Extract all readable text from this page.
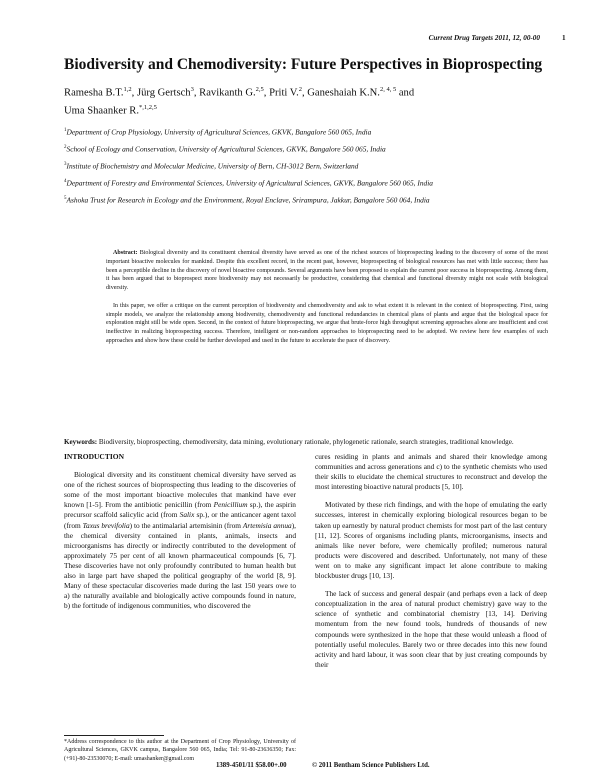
Current Drug Targets 2011, 12, 00-00	1
Biodiversity and Chemodiversity: Future Perspectives in Bioprospecting
Ramesha B.T.$^{1,2}$, Jürg Gertsch$^3$, Ravikanth G.$^{2,5}$, Priti V.$^2$, Ganeshaiah K.N.$^{2, 4, 5}$ and
Uma Shaanker R.$^{*,1,2,5}$

$^1$Department of Crop Physiology, University of Agricultural Sciences, GKVK, Bangalore 560 065, India

$^2$School of Ecology and Conservation, University of Agricultural Sciences, GKVK, Bangalore 560 065, India

$^3$Institute of Biochemistry and Molecular Medicine, University of Bern, CH-3012 Bern, Switzerland

$^4$Department of Forestry and Environmental Sciences, University of Agricultural Sciences, GKVK, Bangalore 560 065, India

$^5$Ashoka Trust for Research in Ecology and the Environment, Royal Enclave, Srirampura, Jakkur, Bangalore 560 064, India

Abstract: Biological diversity and its constituent chemical diversity have served as one of the richest sources of bioprospecting leading to the discovery of some of the most important bioactive molecules for mankind. Despite this excellent record, in the recent past, however, bioprospecting of biological resources has met with little success; there has been a perceptible decline in the discovery of novel bioactive compounds. Several arguments have been proposed to explain the current poor success in bioprospecting. Among them, it has been argued that to bioprospect more biodiversity may not necessarily be productive, considering that chemical and functional diversity might not scale with biological diversity.

In this paper, we offer a critique on the current perception of biodiversity and chemodiversity and ask to what extent it is relevant in the context of bioprospecting. First, using simple models, we analyze the relationship among biodiversity, chemodiversity and functional redundancies in chemical plans of plants and argue that the biological space for exploration might still be wide open. Second, in the context of future bioprospecting, we argue that brute-force high throughput screening approaches alone are insufficient and cost ineffective in realizing bioprospecting success. Therefore, intelligent or non-random approaches to bioprospecting need to be adopted. We review here few examples of such approaches and show how these could be further developed and used in the future to accelerate the pace of discovery.

Keywords: Biodiversity, bioprospecting, chemodiversity, data mining, evolutionary rationale, phylogenetic rationale, search strategies, traditional knowledge.
INTRODUCTION

Biological diversity and its constituent chemical diversity have served as one of the richest sources of bioprospecting thus leading to the discoveries of some of the most important bioactive molecules that mankind have ever known [1-5]. From the antibiotic penicillin (from Penicillium sp.), the aspirin precursor scaffold salicylic acid (from Salix sp.), or the anticancer agent taxol (from Taxus brevifolia) to the antimalarial artemisinin (from Artemisia annua), the chemical diversity contained in plants, animals, insects and microorganisms has directly or indirectly contributed to the development of approximately 75 per cent of all known pharmaceutical compounds [6, 7]. These discoveries have not only profoundly contributed to human health but also in large part have shaped the political geography of the world [8, 9]. Many of these spectacular discoveries made during the last 150 years owe to a) the naturally available and biologically active compounds found in nature, b) the fortitude of indigenous communities, who discovered the

cures residing in plants and animals and shared their knowledge among communities and across generations and c) to the synthetic chemists who used their skills to elucidate the chemical structures to reconstruct and develop the most interesting bioactive natural products [5, 10].

Motivated by these rich findings, and with the hope of emulating the early successes, interest in chemically exploring biological resources began to be taken up earnestly by natural product chemists for most part of the last century [11, 12]. Scores of organisms including plants, microorganisms, insects and animals like never before, were chemically profiled; numerous natural products were discovered and described. Unfortunately, not many of these went on to make any significant impact let alone contribute to making blockbuster drugs [10, 13].

The lack of success and general despair (and perhaps even a lack of deep conceptualization in the area of natural product chemistry) gave way to the science of synthetic and combinatorial chemistry [13, 14]. Deriving momentum from the new found tools, hundreds of thousands of new compounds were synthesized in the hope that these would unleash a flood of potentially useful molecules. Barely two or three decades into this new found activity and hard labour, it was soon clear that by just creating compounds by their

*Address correspondence to this author at the Department of Crop Physiology, University of Agricultural Sciences, GKVK campus, Bangalore 560 065, India; Tel: 91-80-23636350; Fax: (+91)-80-23530070; E-mail: umashanker@gmail.com
1389-4501/11 $58.00+.00	© 2011 Bentham Science Publishers Ltd.
